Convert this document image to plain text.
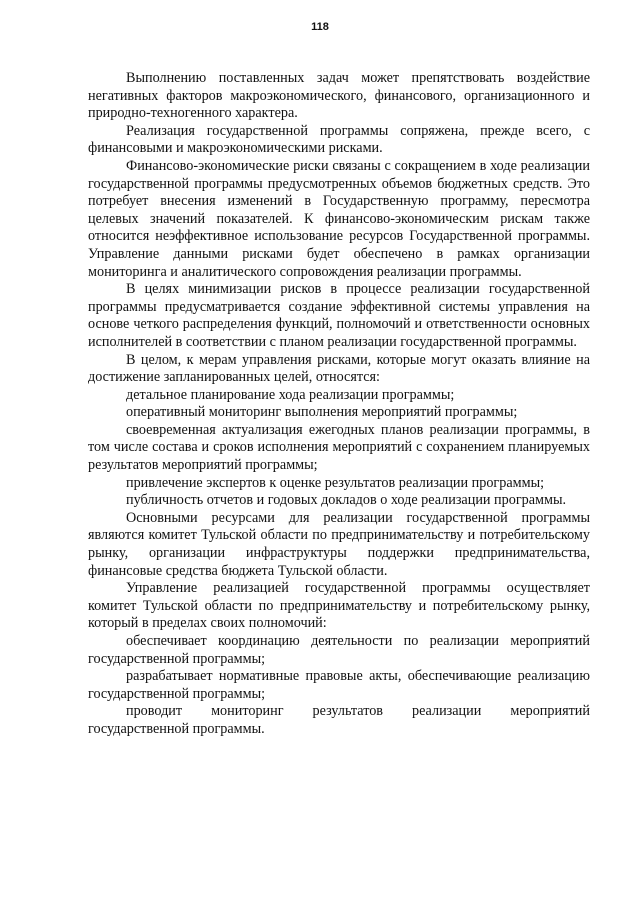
118

Выполнению поставленных задач может препятствовать воздействие негативных факторов макроэкономического, финансового, организационного и природно-техногенного характера.

Реализация государственной программы сопряжена, прежде всего, с финансовыми и макроэкономическими рисками.

Финансово-экономические риски связаны с сокращением в ходе реализации государственной программы предусмотренных объемов бюджетных средств. Это потребует внесения изменений в Государственную программу, пересмотра целевых значений показателей. К финансово-экономическим рискам также относится неэффективное использование ресурсов Государственной программы. Управление данными рисками будет обеспечено в рамках организации мониторинга и аналитического сопровождения реализации программы.

В целях минимизации рисков в процессе реализации государственной программы предусматривается создание эффективной системы управления на основе четкого распределения функций, полномочий и ответственности основных исполнителей в соответствии с планом реализации государственной программы.

В целом, к мерам управления рисками, которые могут оказать влияние на достижение запланированных целей, относятся:

детальное планирование хода реализации программы;

оперативный мониторинг выполнения мероприятий программы;

своевременная актуализация ежегодных планов реализации программы, в том числе состава и сроков исполнения мероприятий с сохранением планируемых результатов мероприятий программы;

привлечение экспертов к оценке результатов реализации программы;

публичность отчетов и годовых докладов о ходе реализации программы.

Основными ресурсами для реализации государственной программы являются комитет Тульской области по предпринимательству и потребительскому рынку, организации инфраструктуры поддержки предпринимательства, финансовые средства бюджета Тульской области.

Управление реализацией государственной программы осуществляет комитет Тульской области по предпринимательству и потребительскому рынку, который в пределах своих полномочий:

обеспечивает координацию деятельности по реализации мероприятий государственной программы;

разрабатывает нормативные правовые акты, обеспечивающие реализацию государственной программы;

проводит мониторинг результатов реализации мероприятий государственной программы.
